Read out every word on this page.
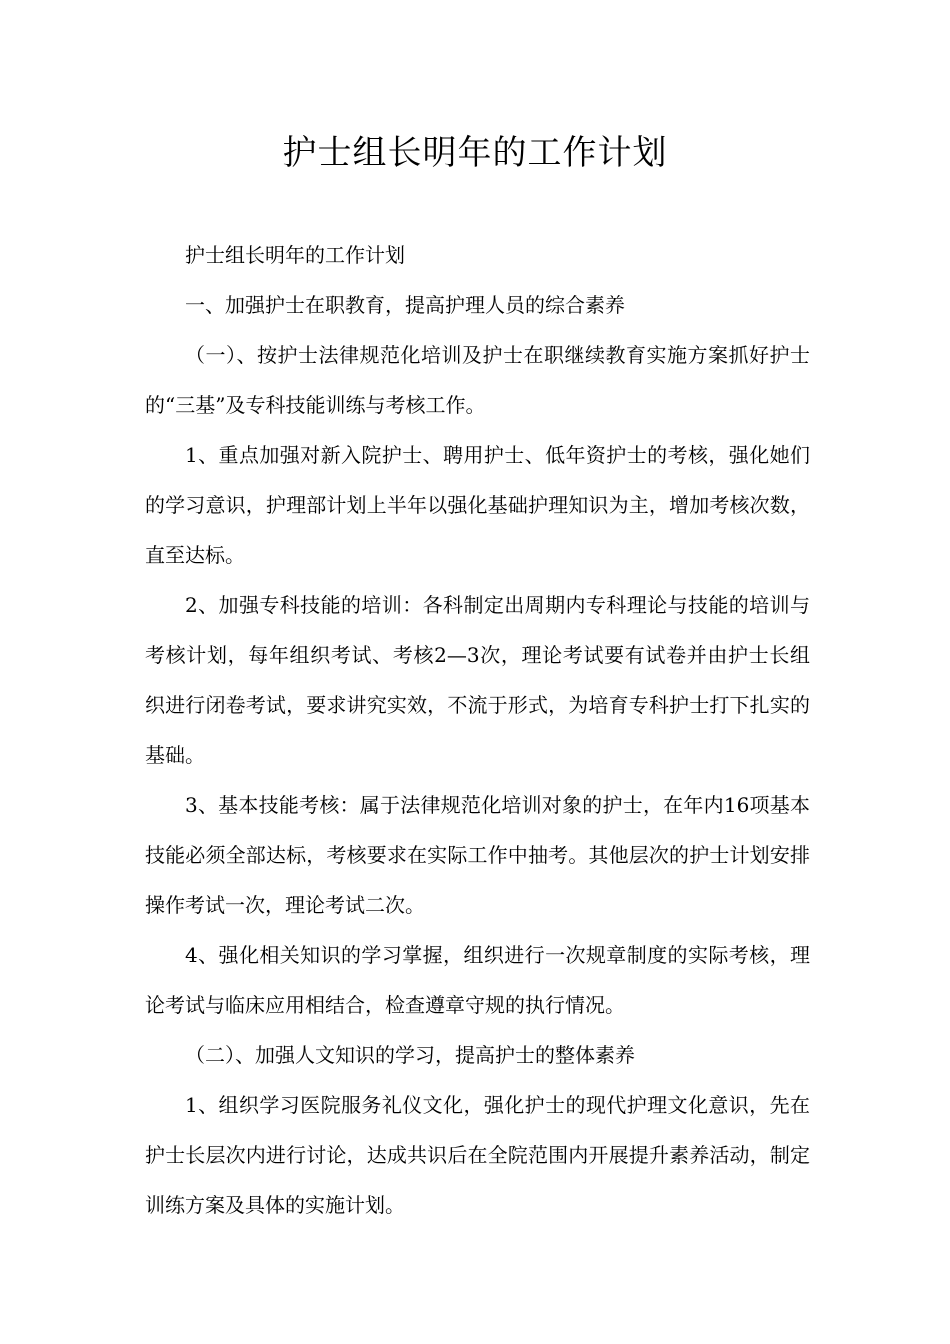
护士组长明年的工作计划

护士组长明年的工作计划

一、加强护士在职教育，提高护理人员的综合素养

（一）、按护士法律规范化培训及护士在职继续教育实施方案抓好护士的“三基”及专科技能训练与考核工作。

1、重点加强对新入院护士、聘用护士、低年资护士的考核，强化她们的学习意识，护理部计划上半年以强化基础护理知识为主，增加考核次数，直至达标。

2、加强专科技能的培训：各科制定出周期内专科理论与技能的培训与考核计划，每年组织考试、考核2—3次，理论考试要有试卷并由护士长组织进行闭卷考试，要求讲究实效，不流于形式，为培育专科护士打下扎实的基础。

3、基本技能考核：属于法律规范化培训对象的护士，在年内16项基本技能必须全部达标，考核要求在实际工作中抽考。其他层次的护士计划安排操作考试一次，理论考试二次。

4、强化相关知识的学习掌握，组织进行一次规章制度的实际考核，理论考试与临床应用相结合，检查遵章守规的执行情况。

（二）、加强人文知识的学习，提高护士的整体素养

1、组织学习医院服务礼仪文化，强化护士的现代护理文化意识，先在护士长层次内进行讨论，达成共识后在全院范围内开展提升素养活动，制定训练方案及具体的实施计划。
